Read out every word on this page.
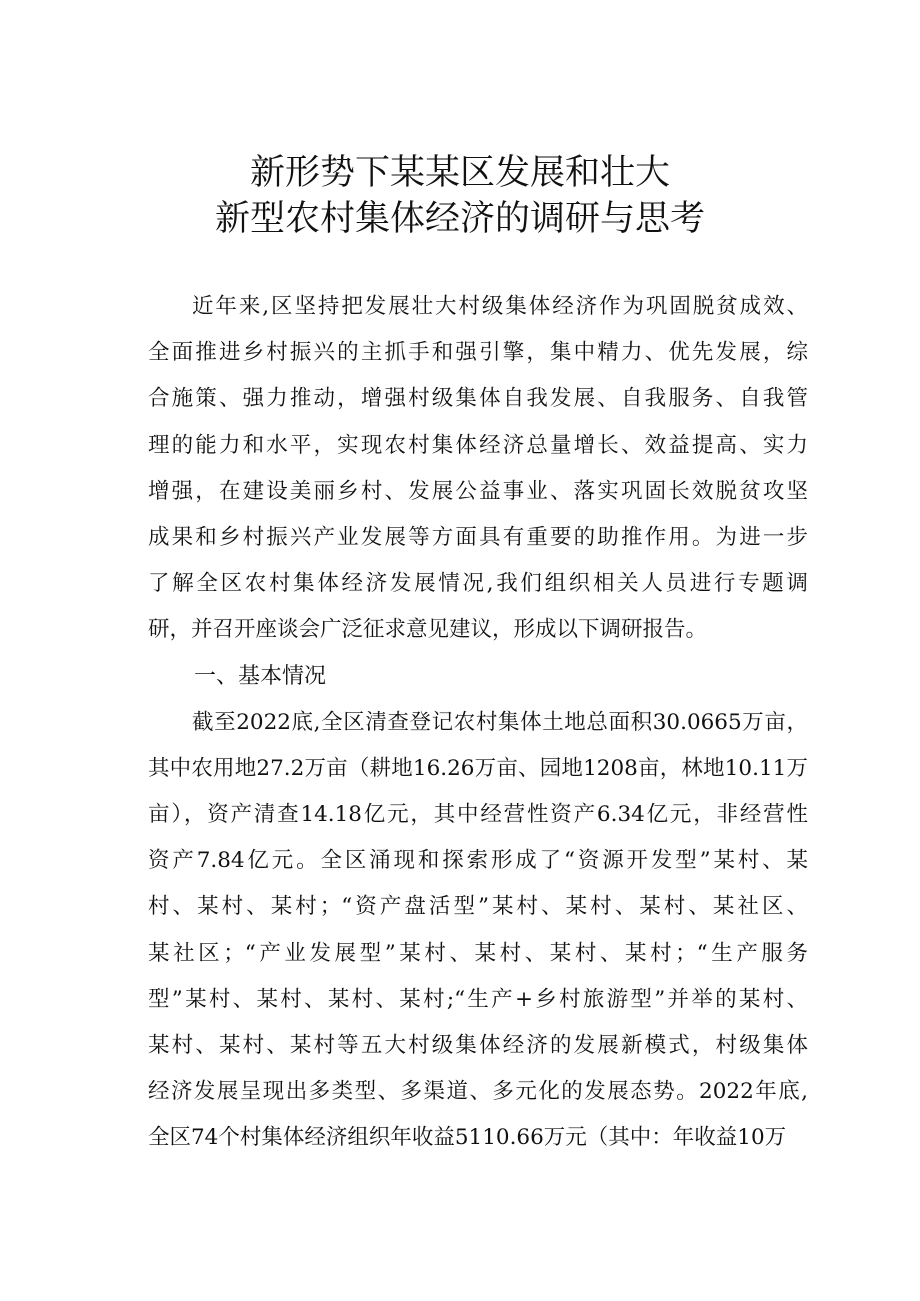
新形势下某某区发展和壮大
新型农村集体经济的调研与思考
近年来,区坚持把发展壮大村级集体经济作为巩固脱贫成效、
全面推进乡村振兴的主抓手和强引擎，集中精力、优先发展，综
合施策、强力推动，增强村级集体自我发展、自我服务、自我管
理的能力和水平，实现农村集体经济总量增长、效益提高、实力
增强，在建设美丽乡村、发展公益事业、落实巩固长效脱贫攻坚
成果和乡村振兴产业发展等方面具有重要的助推作用。为进一步
了解全区农村集体经济发展情况,我们组织相关人员进行专题调
研，并召开座谈会广泛征求意见建议，形成以下调研报告。
一、基本情况
截至2022底,全区清查登记农村集体土地总面积30.0665万亩，
其中农用地27.2万亩（耕地16.26万亩、园地1208亩，林地10.11万
亩），资产清查14.18亿元，其中经营性资产6.34亿元，非经营性
资产7.84亿元。全区涌现和探索形成了“资源开发型”某村、某
村、某村、某村；“资产盘活型”某村、某村、某村、某社区、
某社区；“产业发展型”某村、某村、某村、某村；“生产服务
型”某村、某村、某村、某村;“生产+乡村旅游型”并举的某村、
某村、某村、某村等五大村级集体经济的发展新模式，村级集体
经济发展呈现出多类型、多渠道、多元化的发展态势。2022年底,
全区74个村集体经济组织年收益5110.66万元（其中：年收益10万
